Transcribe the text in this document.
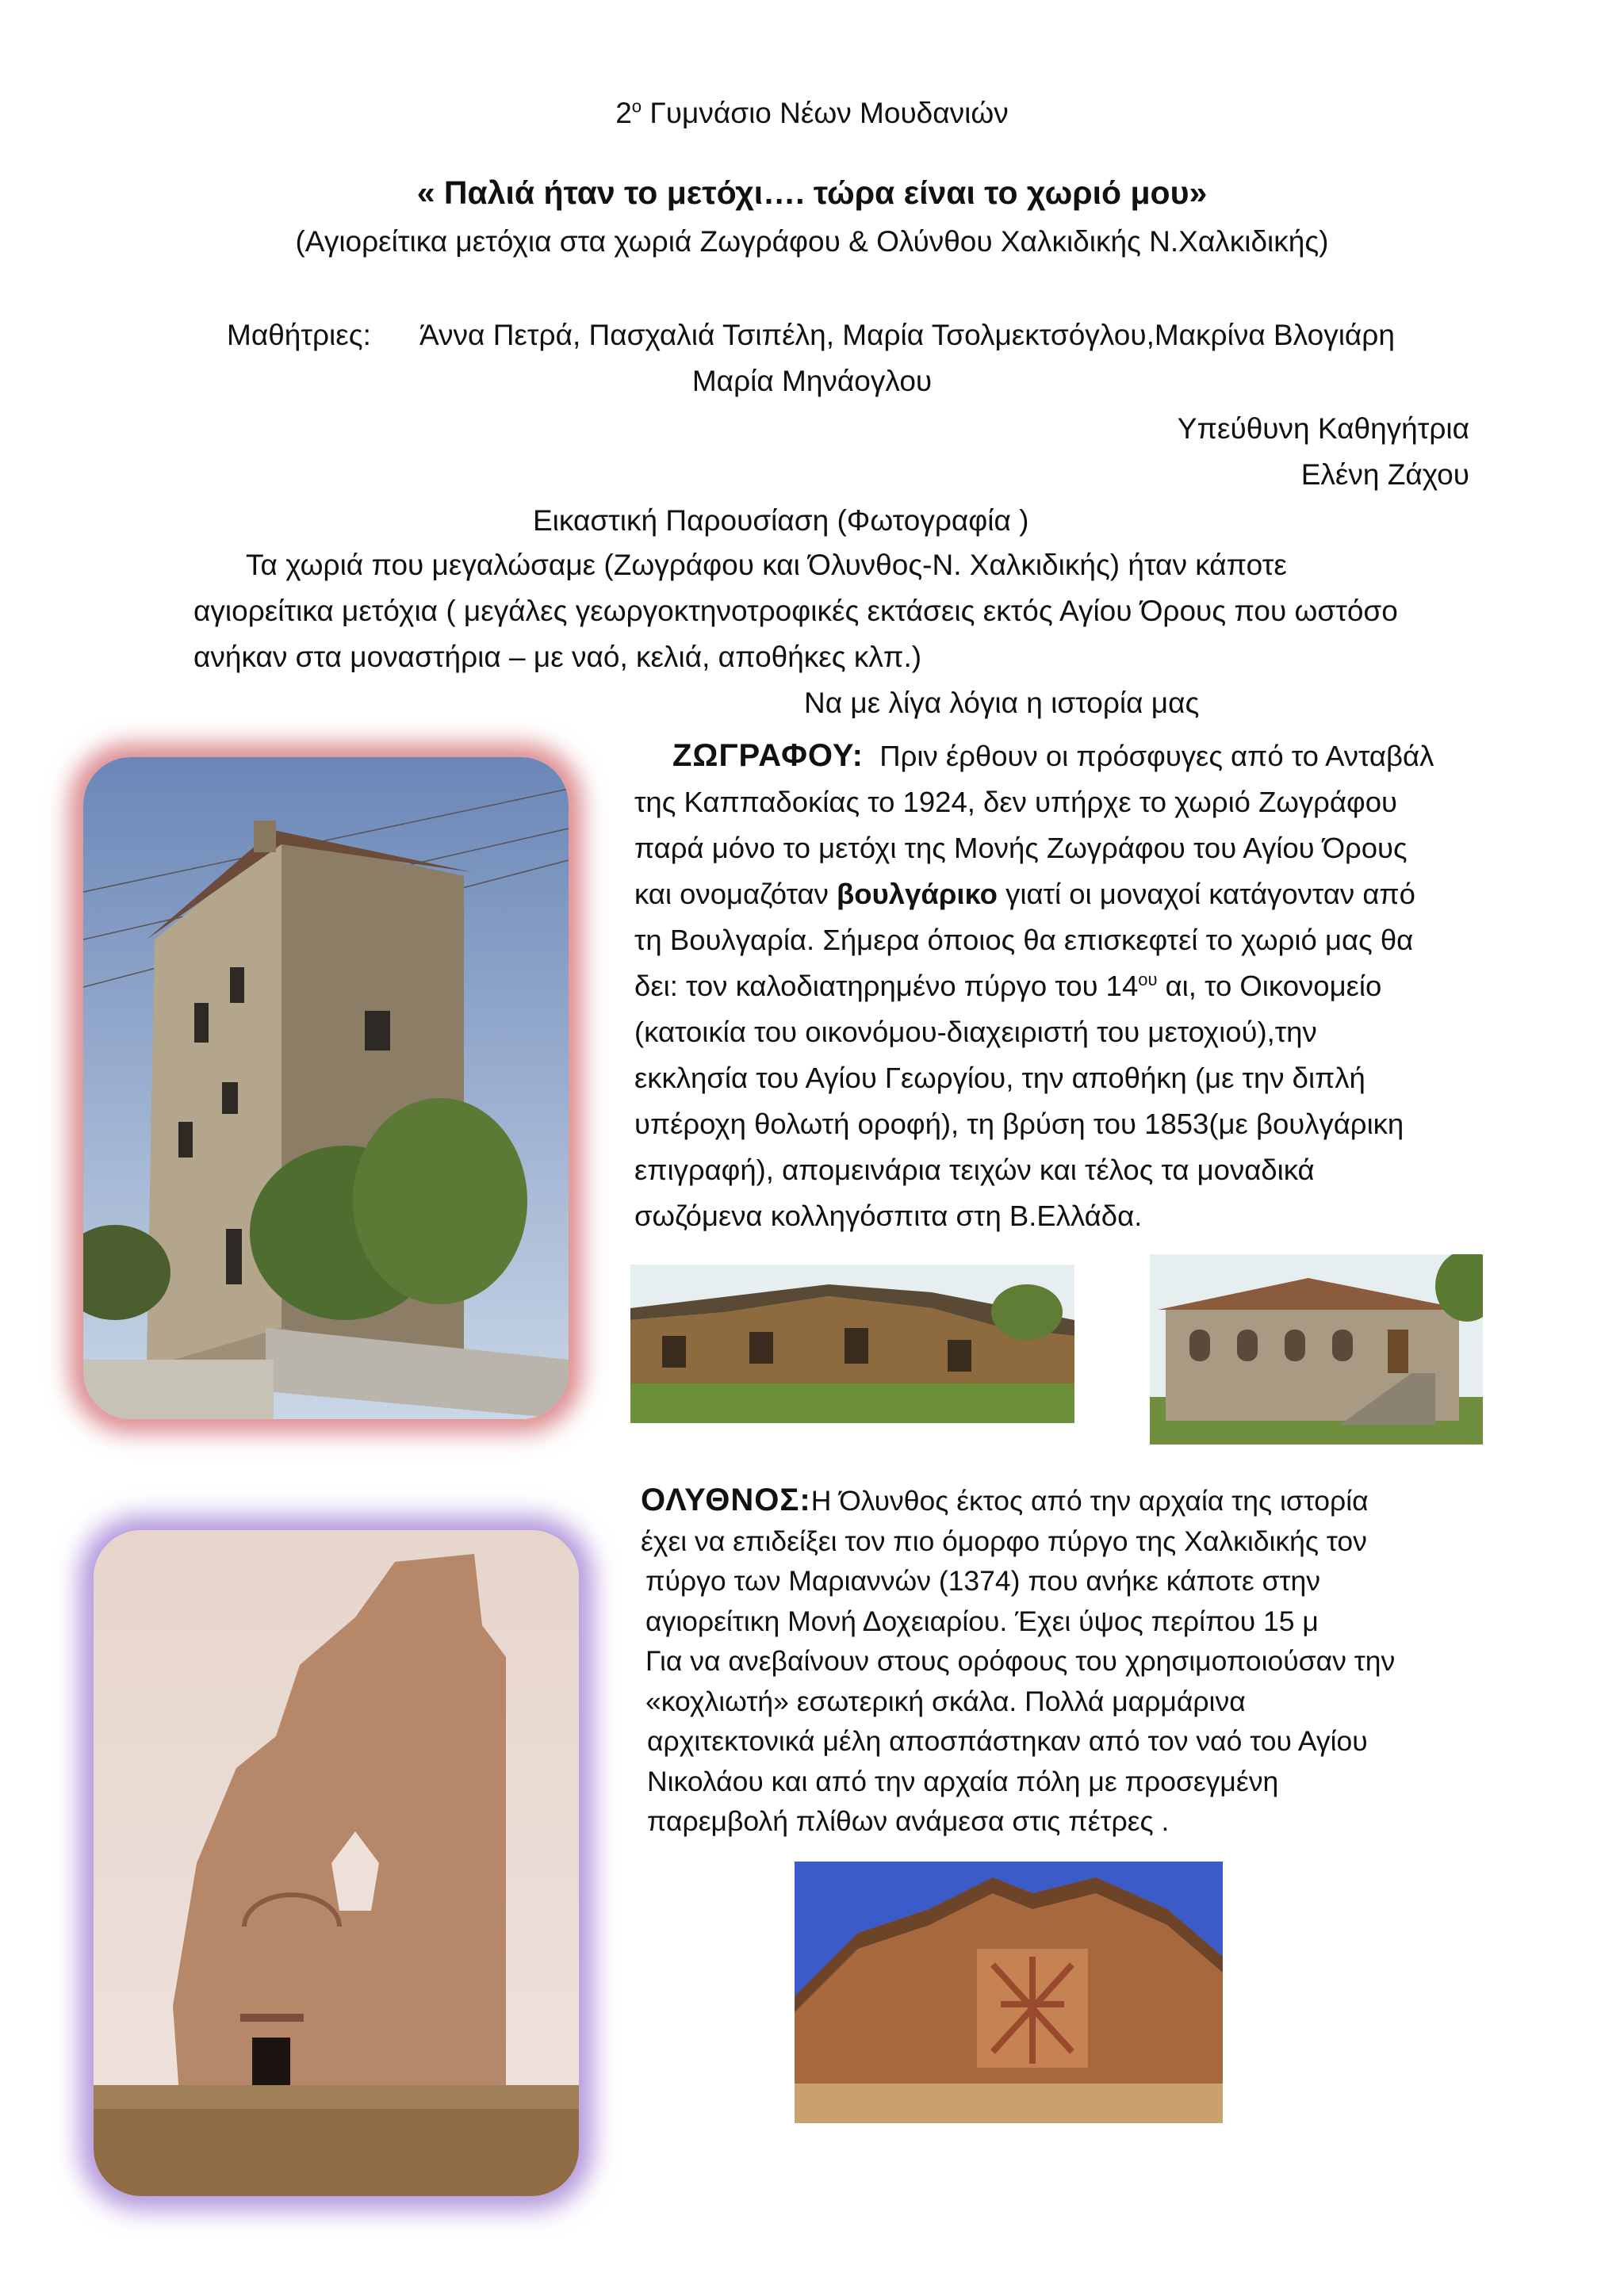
$2^o$ Γυμνάσιο Νέων Μουδανιών
« Παλιά ήταν το μετόχι…. τώρα είναι το χωριό μου»
(Αγιορείτικα μετόχια στα χωριά Ζωγράφου & Ολύνθου Χαλκιδικής Ν.Χαλκιδικής)
Μαθήτριες: Άννα Πετρά, Πασχαλιά Τσιπέλη, Μαρία Τσολμεκτσόγλου,Μακρίνα Βλογιάρη
Μαρία Μηνάογλου
Υπεύθυνη Καθηγήτρια
Ελένη Ζάχου
Εικαστική Παρουσίαση (Φωτογραφία )
Τα χωριά που μεγαλώσαμε (Ζωγράφου και Όλυνθος-Ν. Χαλκιδικής) ήταν κάποτε
αγιορείτικα μετόχια ( μεγάλες γεωργοκτηνοτροφικές εκτάσεις εκτός Αγίου Όρους που ωστόσο
ανήκαν στα μοναστήρια – με ναό, κελιά, αποθήκες κλπ.)
Να με λίγα λόγια η ιστορία μας
ΖΩΓΡΑΦΟΥ: Πριν έρθουν οι πρόσφυγες από το Ανταβάλ
της Καππαδοκίας το 1924, δεν υπήρχε το χωριό Ζωγράφου
παρά μόνο το μετόχι της Μονής Ζωγράφου του Αγίου Όρους
και ονομαζόταν βουλγάρικο γιατί οι μοναχοί κατάγονταν από
τη Βουλγαρία. Σήμερα όποιος θα επισκεφτεί το χωριό μας θα
δει: τον καλοδιατηρημένο πύργο του $14^{o\upsilon}$ αι, το Οικονομείο
(κατοικία του οικονόμου-διαχειριστή του μετοχιού),την
εκκλησία του Αγίου Γεωργίου, την αποθήκη (με την διπλή
υπέροχη θολωτή οροφή), τη βρύση του 1853(με βουλγάρικη
επιγραφή), απομεινάρια τειχών και τέλος τα μοναδικά
σωζόμενα κολληγόσπιτα στη Β.Ελλάδα.
ΟΛΥΘΝΟΣ:Η Όλυνθος έκτος από την αρχαία της ιστορία
έχει να επιδείξει τον πιο όμορφο πύργο της Χαλκιδικής τον
πύργο των Μαριαννών (1374) που ανήκε κάποτε στην
αγιορείτικη Μονή Δοχειαρίου. Έχει ύψος περίπου 15 μ
Για να ανεβαίνουν στους ορόφους του χρησιμοποιούσαν την
«κοχλιωτή» εσωτερική σκάλα. Πολλά μαρμάρινα
αρχιτεκτονικά μέλη αποσπάστηκαν από τον ναό του Αγίου
Νικολάου και από την αρχαία πόλη με προσεγμένη
παρεμβολή πλίθων ανάμεσα στις πέτρες .
